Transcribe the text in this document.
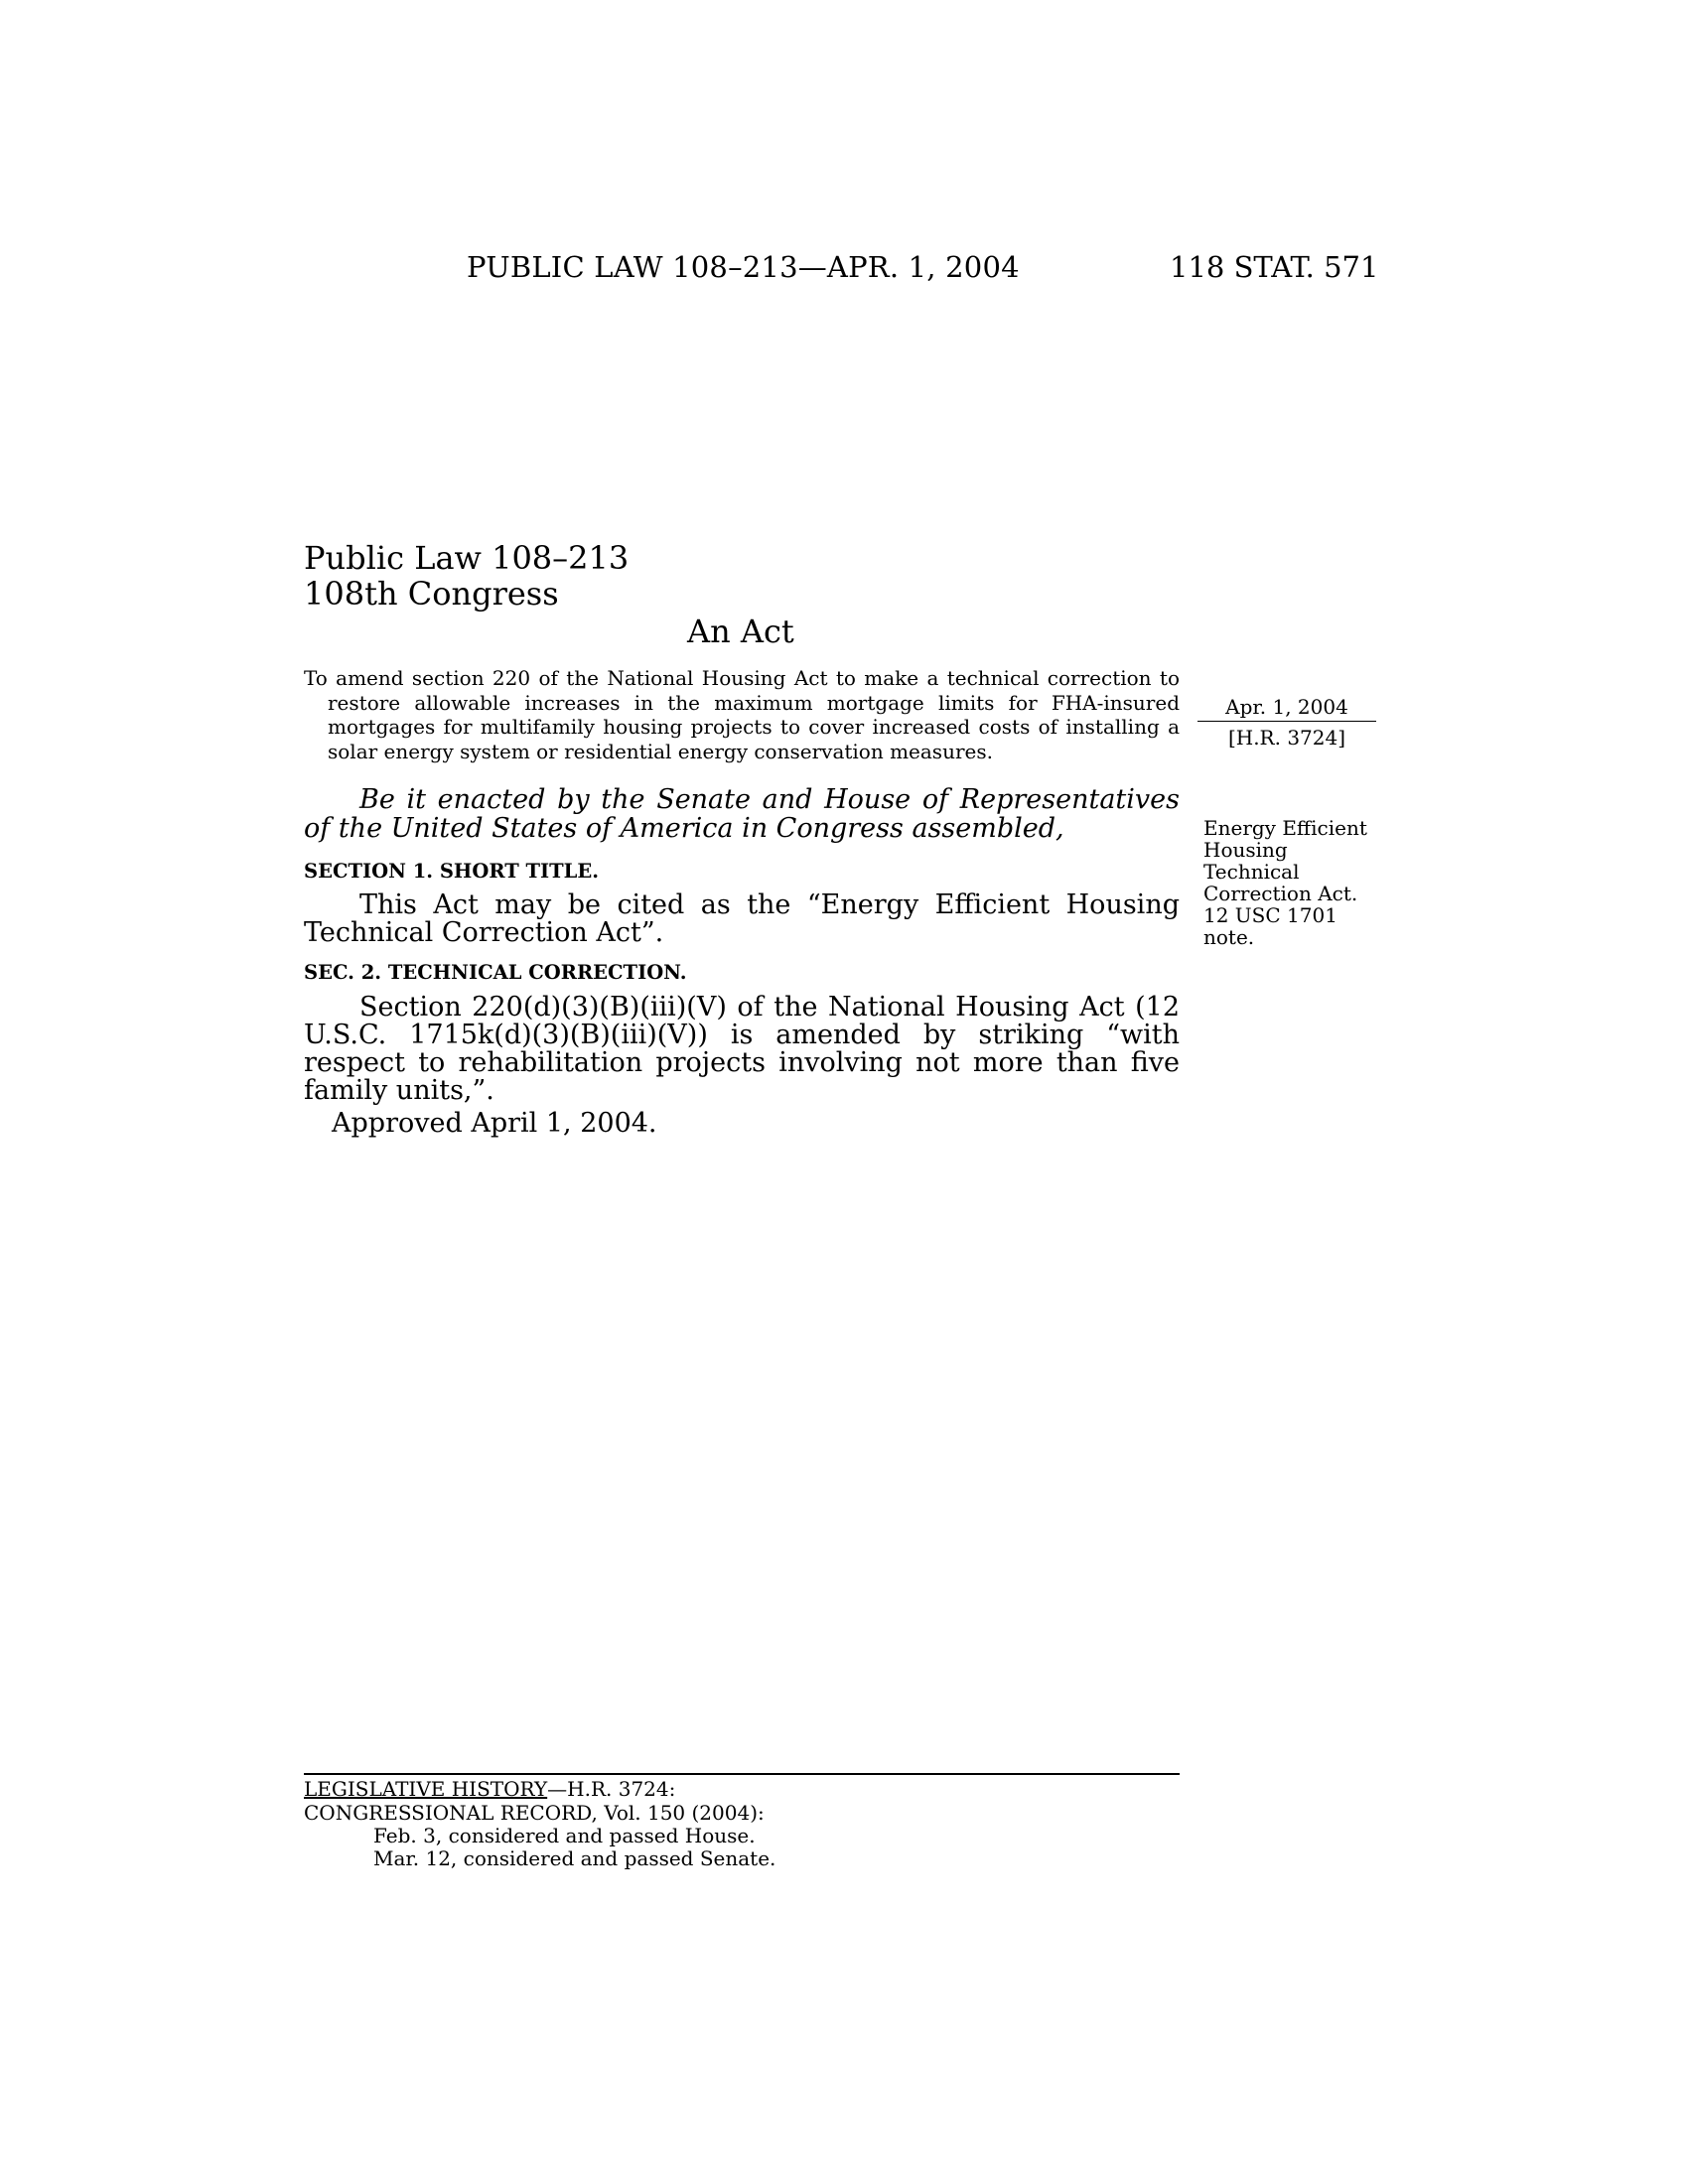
PUBLIC LAW 108–213—APR. 1, 2004	118 STAT. 571
Public Law 108–213
108th Congress
An Act
To amend section 220 of the National Housing Act to make a technical correction to restore allowable increases in the maximum mortgage limits for FHA-insured mortgages for multifamily housing projects to cover increased costs of installing a solar energy system or residential energy conservation measures.
Apr. 1, 2004
[H.R. 3724]
Be it enacted by the Senate and House of Representatives of the United States of America in Congress assembled,
SECTION 1. SHORT TITLE.
This Act may be cited as the “Energy Efficient Housing Technical Correction Act”.
Energy Efficient
Housing
Technical
Correction Act.
12 USC 1701
note.
SEC. 2. TECHNICAL CORRECTION.
Section 220(d)(3)(B)(iii)(V) of the National Housing Act (12 U.S.C. 1715k(d)(3)(B)(iii)(V)) is amended by striking “with respect to rehabilitation projects involving not more than five family units,”.
Approved April 1, 2004.
LEGISLATIVE HISTORY—H.R. 3724:
CONGRESSIONAL RECORD, Vol. 150 (2004):
Feb. 3, considered and passed House.
Mar. 12, considered and passed Senate.
